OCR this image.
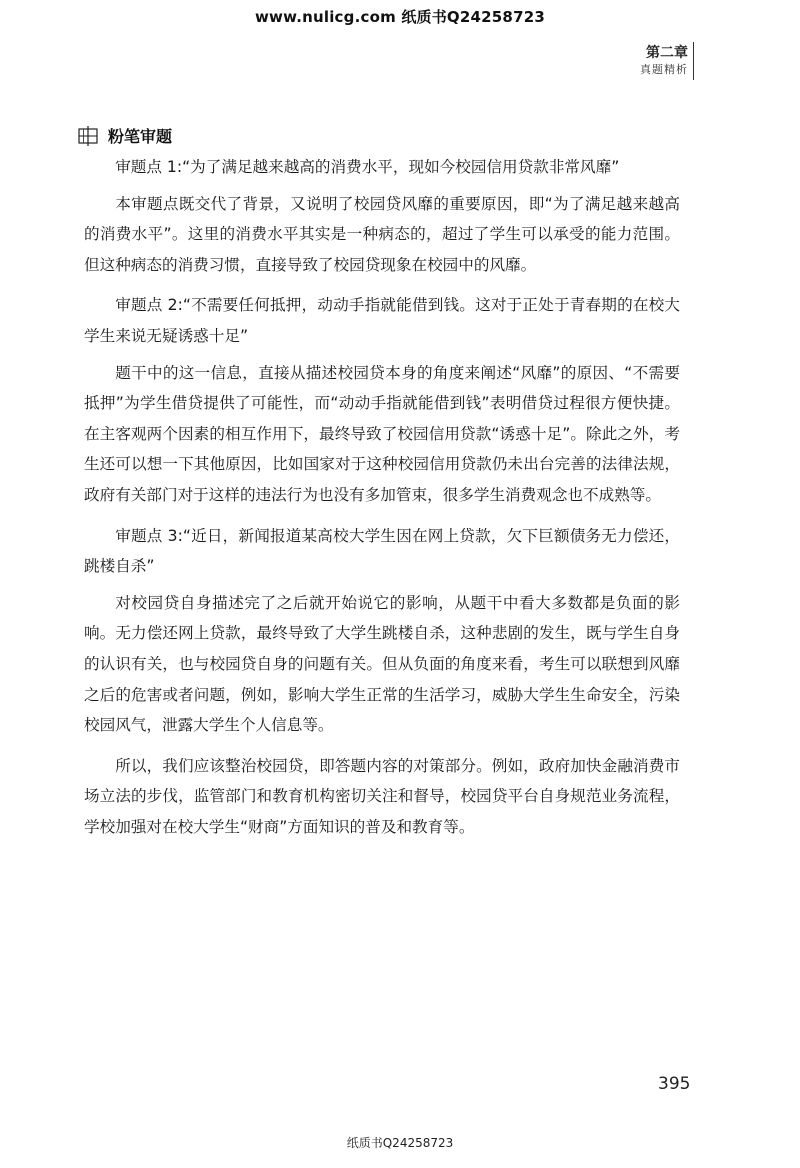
www.nulicg.com 纸质书Q24258723
第二章
真题精析
粉笔审题

审题点 1:“为了满足越来越高的消费水平，现如今校园信用贷款非常风靡”

本审题点既交代了背景，又说明了校园贷风靡的重要原因，即“为了满足越来越高的消费水平”。这里的消费水平其实是一种病态的，超过了学生可以承受的能力范围。但这种病态的消费习惯，直接导致了校园贷现象在校园中的风靡。

审题点 2:“不需要任何抵押，动动手指就能借到钱。这对于正处于青春期的在校大学生来说无疑诱惑十足”

题干中的这一信息，直接从描述校园贷本身的角度来阐述“风靡”的原因、“不需要抵押”为学生借贷提供了可能性，而“动动手指就能借到钱”表明借贷过程很方便快捷。在主客观两个因素的相互作用下，最终导致了校园信用贷款“诱惑十足”。除此之外，考生还可以想一下其他原因，比如国家对于这种校园信用贷款仍未出台完善的法律法规，政府有关部门对于这样的违法行为也没有多加管束，很多学生消费观念也不成熟等。

审题点 3:“近日，新闻报道某高校大学生因在网上贷款，欠下巨额债务无力偿还，跳楼自杀”

对校园贷自身描述完了之后就开始说它的影响，从题干中看大多数都是负面的影响。无力偿还网上贷款，最终导致了大学生跳楼自杀，这种悲剧的发生，既与学生自身的认识有关，也与校园贷自身的问题有关。但从负面的角度来看，考生可以联想到风靡之后的危害或者问题，例如，影响大学生正常的生活学习，威胁大学生生命安全，污染校园风气，泄露大学生个人信息等。

所以，我们应该整治校园贷，即答题内容的对策部分。例如，政府加快金融消费市场立法的步伐，监管部门和教育机构密切关注和督导，校园贷平台自身规范业务流程，学校加强对在校大学生“财商”方面知识的普及和教育等。

395
纸质书Q24258723
